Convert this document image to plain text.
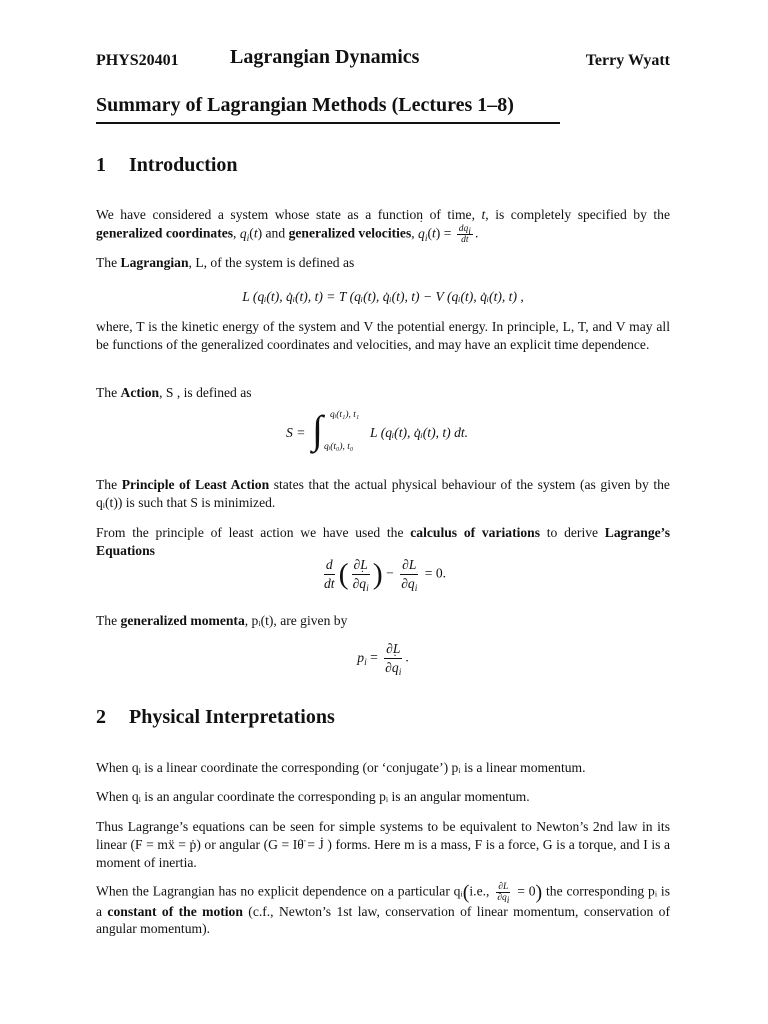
PHYS20401	Lagrangian Dynamics	Terry Wyatt
Summary of Lagrangian Methods (Lectures 1–8)
1 Introduction
We have considered a system whose state as a function of time, t, is completely specified by the generalized coordinates, $q_i(t)$ and generalized velocities, q $˙_i(t) = \frac{dq_i}{dt}$ .
The Lagrangian, L, of the system is defined as
L (qᵢ(t), q̇ᵢ(t), t) = T (qᵢ(t), q̇ᵢ(t), t) − V (qᵢ(t), q̇ᵢ(t), t) ,
where, T is the kinetic energy of the system and V the potential energy. In principle, L, T, and V may all be functions of the generalized coordinates and velocities, and may have an explicit time dependence.
The Action, S , is defined as
S = ∫ qᵢ(t₁), t₁
qᵢ(t₀), t₀
L (qᵢ(t), q̇ᵢ(t), t) dt.
The Principle of Least Action states that the actual physical behaviour of the system (as given by the qᵢ(t)) is such that S is minimized.
From the principle of least action we have used the calculus of variations to derive Lagrange’s Equations
$\frac{d}{dt}$ ( $\frac{\partial L}{\partial q ˙_i}$ ) − $\frac{\partial L}{\partial q_i} = 0$.
The generalized momenta, pᵢ(t), are given by
$p_i = \frac{\partial L}{\partial q ˙_i}$ .
2 Physical Interpretations
When qᵢ is a linear coordinate the corresponding (or ‘conjugate’) pᵢ is a linear momentum.
When qᵢ is an angular coordinate the corresponding pᵢ is an angular momentum.
Thus Lagrange’s equations can be seen for simple systems to be equivalent to Newton’s 2nd law in its linear (F = mẍ = ṗ) or angular (G = Iθ̈ = J̇ ) forms. Here m is a mass, F is a force, G is a torque, and I is a moment of inertia.
When the Lagrangian has no explicit dependence on a particular qᵢ(i.e., $\frac{\partial L}{\partial q_i} = 0$) the corresponding pᵢ is a constant of the motion (c.f., Newton’s 1st law, conservation of linear momentum, conservation of angular momentum).
